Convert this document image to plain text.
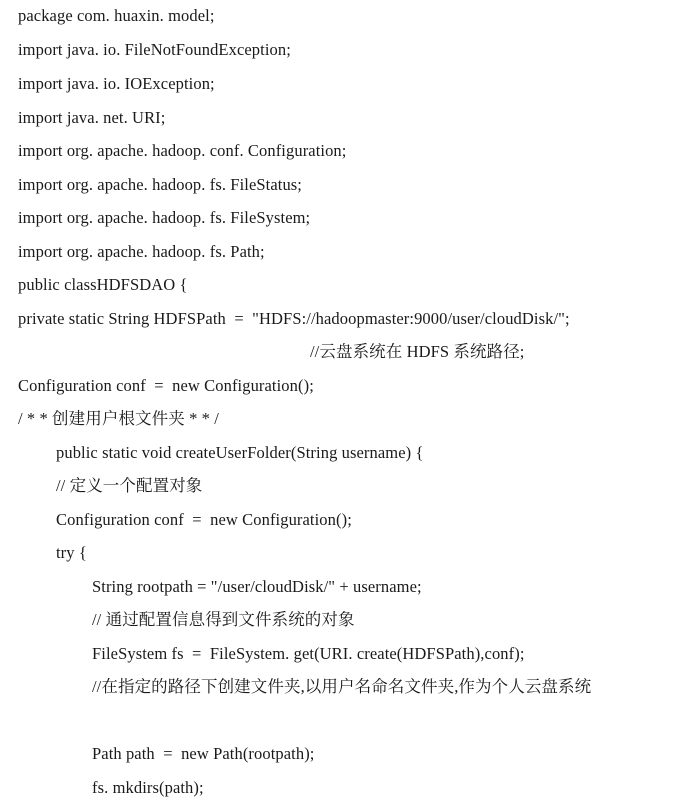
package com. huaxin. model;
import java. io. FileNotFoundException;
import java. io. IOException;
import java. net. URI;
import org. apache. hadoop. conf. Configuration;
import org. apache. hadoop. fs. FileStatus;
import org. apache. hadoop. fs. FileSystem;
import org. apache. hadoop. fs. Path;
public classHDFSDAO {
private static String HDFSPath  =  "HDFS://hadoopmaster:9000/user/cloudDisk/";
//云盘系统在 HDFS 系统路径;
Configuration conf  =  new Configuration();
/ * * 创建用户根文件夹 * * /
public static void createUserFolder(String username) {
// 定义一个配置对象
Configuration conf  =  new Configuration();
try {
String rootpath = "/user/cloudDisk/" + username;
// 通过配置信息得到文件系统的对象
FileSystem fs  =  FileSystem. get(URI. create(HDFSPath),conf);
//在指定的路径下创建文件夹,以用户名命名文件夹,作为个人云盘系统
Path path  =  new Path(rootpath);
fs. mkdirs(path);
